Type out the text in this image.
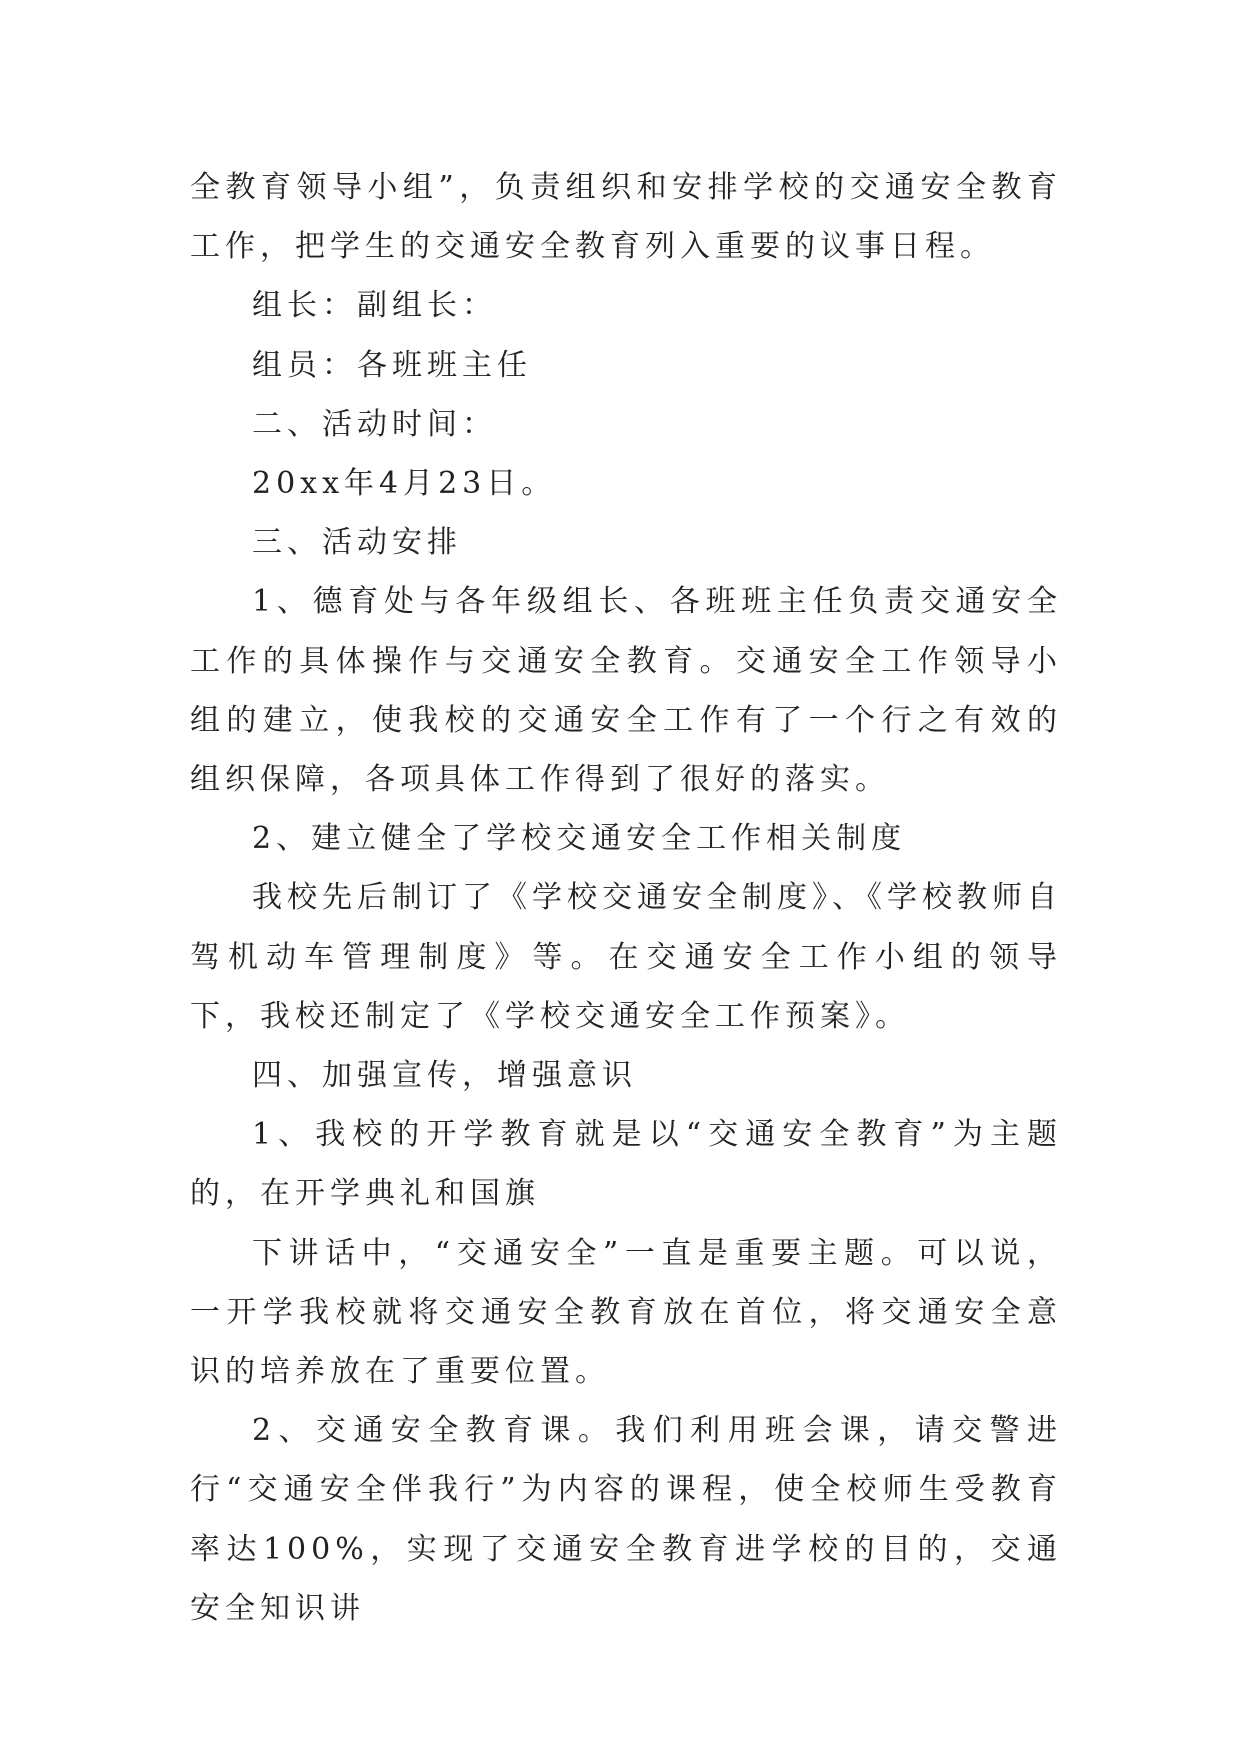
全教育领导小组”，负责组织和安排学校的交通安全教育工作，把学生的交通安全教育列入重要的议事日程。

组长：副组长：

组员：各班班主任

二、活动时间：

20xx年4月23日。

三、活动安排

1、德育处与各年级组长、各班班主任负责交通安全工作的具体操作与交通安全教育。交通安全工作领导小组的建立，使我校的交通安全工作有了一个行之有效的组织保障，各项具体工作得到了很好的落实。

2、建立健全了学校交通安全工作相关制度

我校先后制订了《学校交通安全制度》、《学校教师自驾机动车管理制度》等。在交通安全工作小组的领导下，我校还制定了《学校交通安全工作预案》。

四、加强宣传，增强意识

1、我校的开学教育就是以“交通安全教育”为主题的，在开学典礼和国旗

下讲话中，“交通安全”一直是重要主题。可以说，一开学我校就将交通安全教育放在首位，将交通安全意识的培养放在了重要位置。

2、交通安全教育课。我们利用班会课，请交警进行“交通安全伴我行”为内容的课程，使全校师生受教育率达100%，实现了交通安全教育进学校的目的，交通安全知识讲
